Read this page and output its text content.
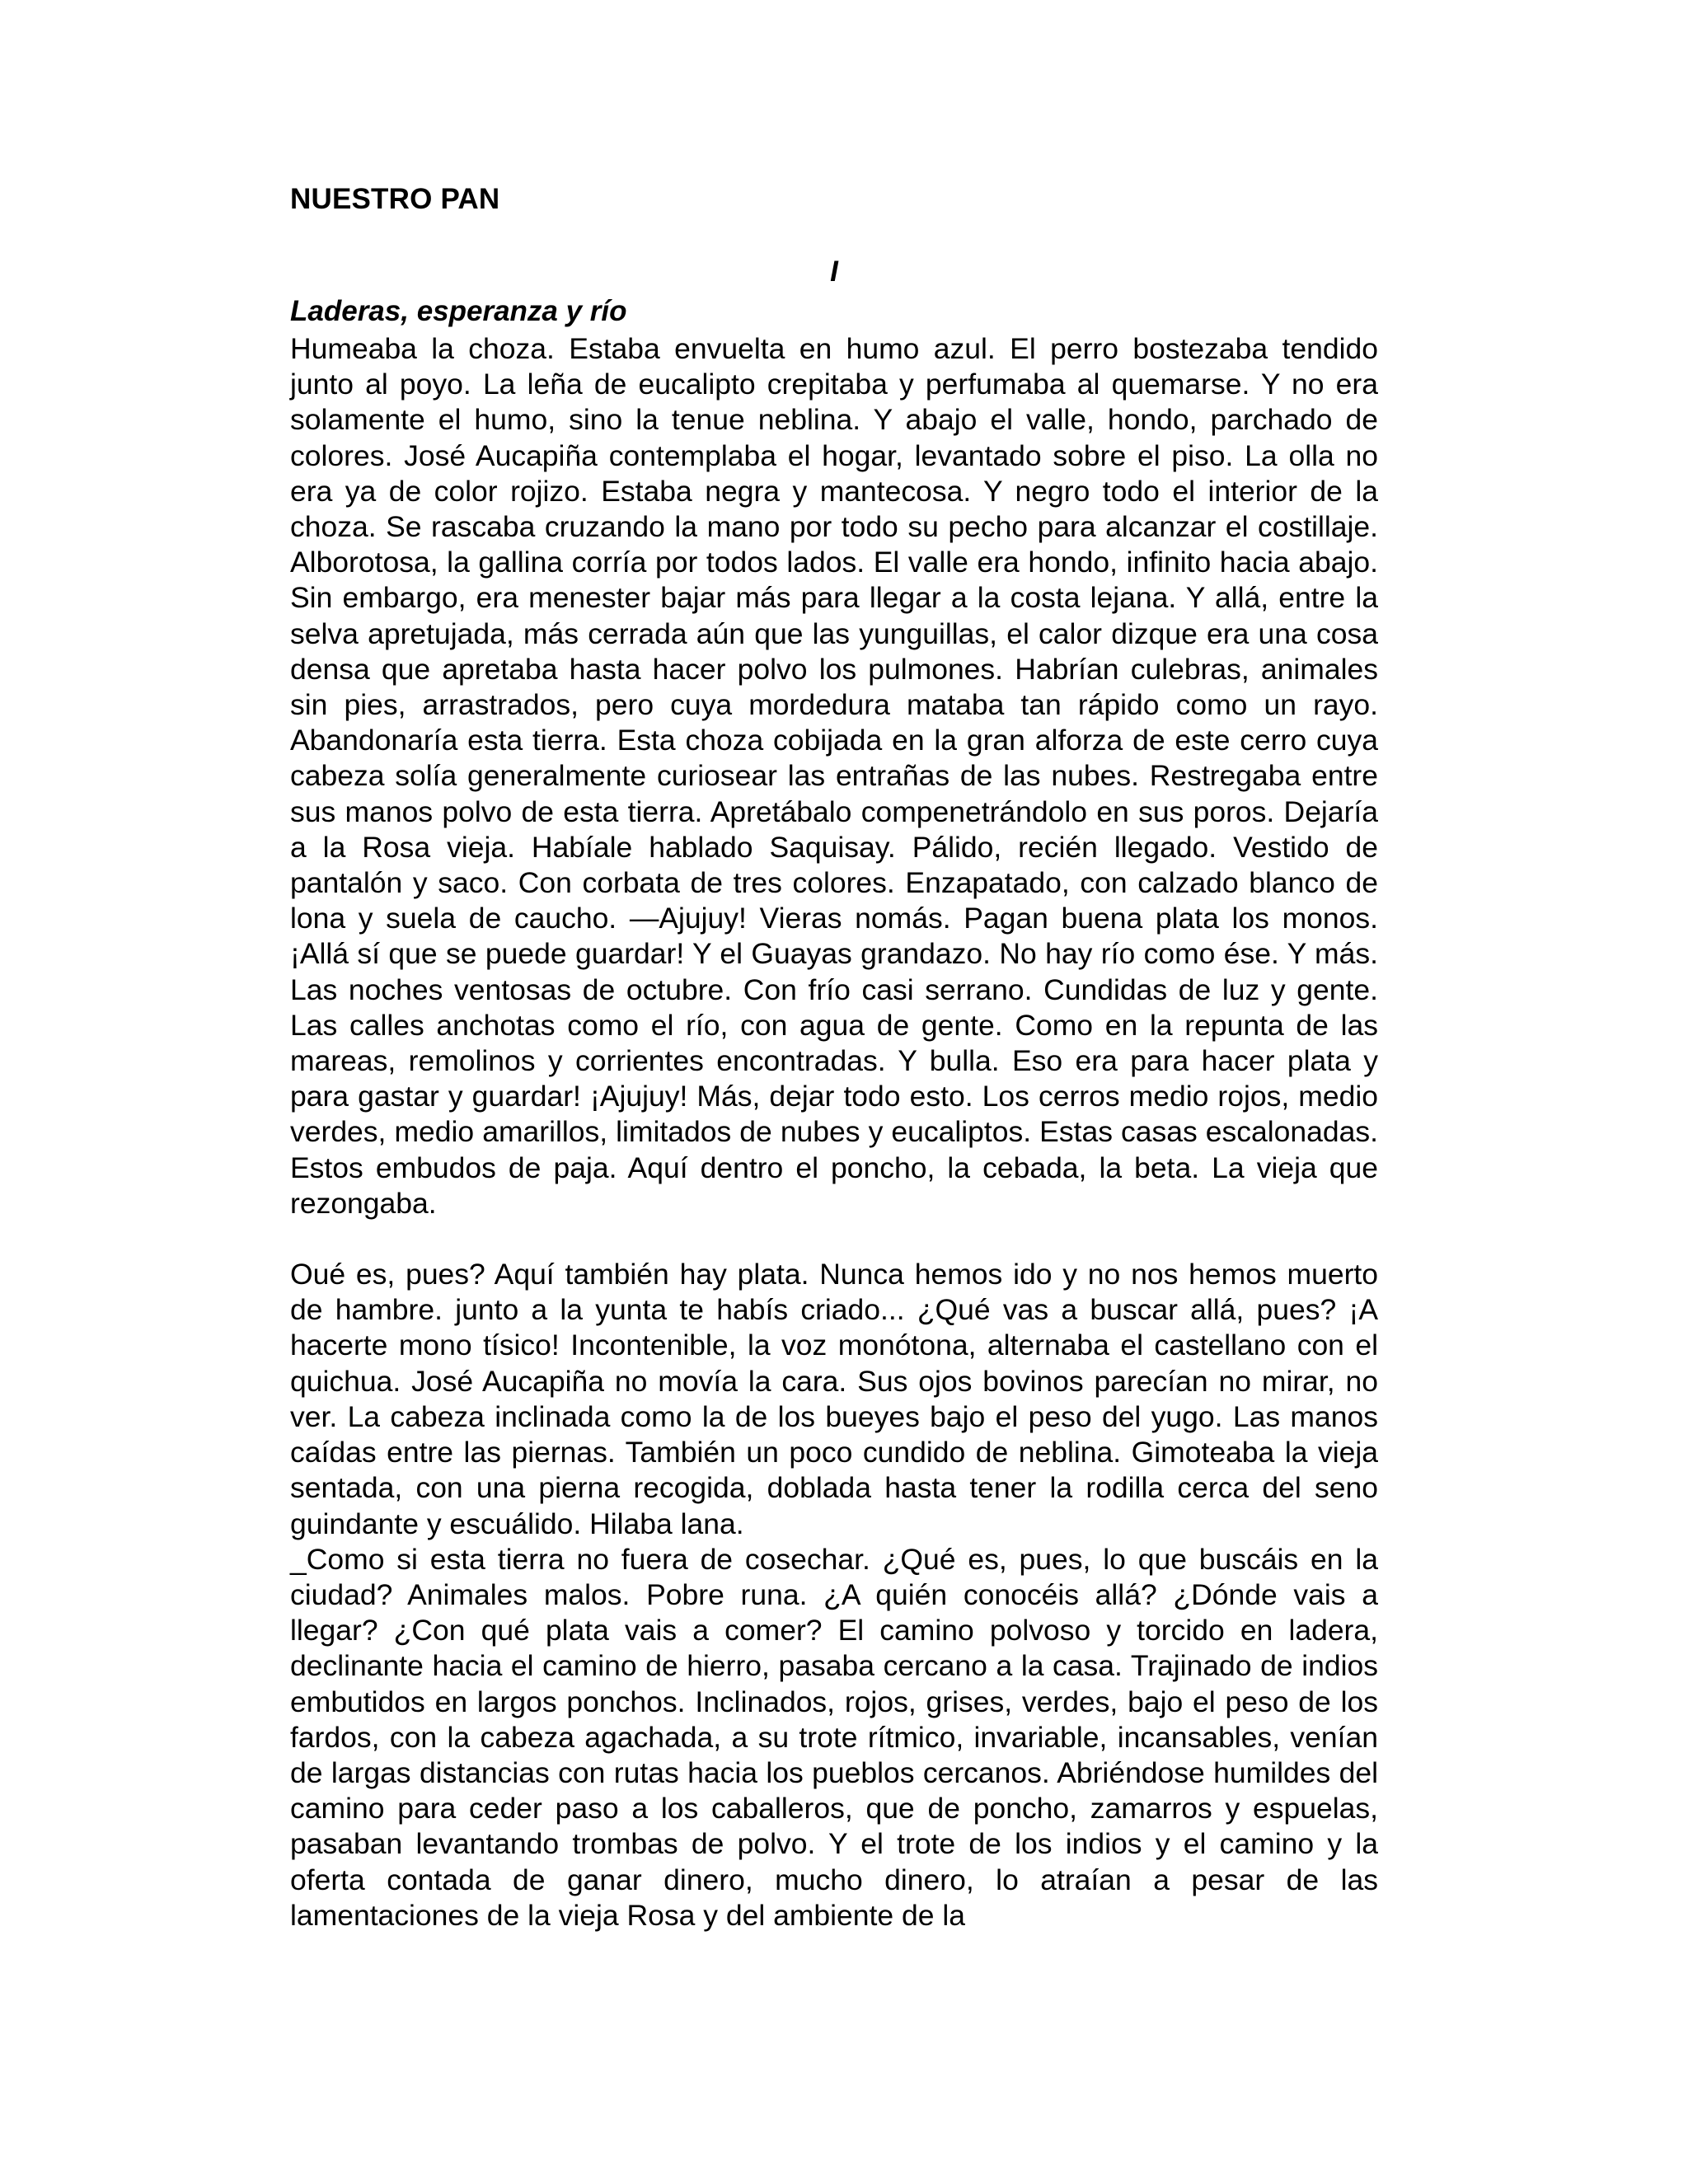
NUESTRO PAN
I
Laderas, esperanza y río

Humeaba la choza. Estaba envuelta en humo azul. El perro bostezaba tendido junto al poyo. La leña de eucalipto crepitaba y perfumaba al quemarse. Y no era solamente el humo, sino la tenue neblina. Y abajo el valle, hondo, parchado de colores. José Aucapiña contemplaba el hogar, levantado sobre el piso. La olla no era ya de color rojizo. Estaba negra y mantecosa. Y negro todo el interior de la choza. Se rascaba cruzando la mano por todo su pecho para alcanzar el costillaje. Alborotosa, la gallina corría por todos lados. El valle era hondo, infinito hacia abajo. Sin embargo, era menester bajar más para llegar a la costa lejana. Y allá, entre la selva apretujada, más cerrada aún que las yunguillas, el calor dizque era una cosa densa que apretaba hasta hacer polvo los pulmones. Habrían culebras, animales sin pies, arrastrados, pero cuya mordedura mataba tan rápido como un rayo. Abandonaría esta tierra. Esta choza cobijada en la gran alforza de este cerro cuya cabeza solía generalmente curiosear las entrañas de las nubes. Restregaba entre sus manos polvo de esta tierra. Apretábalo compenetrándolo en sus poros. Dejaría a la Rosa vieja. Habíale hablado Saquisay. Pálido, recién llegado. Vestido de pantalón y saco. Con corbata de tres colores. Enzapatado, con calzado blanco de lona y suela de caucho. —Ajujuy! Vieras nomás. Pagan buena plata los monos. ¡Allá sí que se puede guardar! Y el Guayas grandazo. No hay río como ése. Y más. Las noches ventosas de octubre. Con frío casi serrano. Cundidas de luz y gente. Las calles anchotas como el río, con agua de gente. Como en la repunta de las mareas, remolinos y corrientes encontradas. Y bulla. Eso era para hacer plata y para gastar y guardar! ¡Ajujuy! Más, dejar todo esto. Los cerros medio rojos, medio verdes, medio amarillos, limitados de nubes y eucaliptos. Estas casas escalonadas. Estos embudos de paja. Aquí dentro el poncho, la cebada, la beta. La vieja que rezongaba.

Oué es, pues? Aquí también hay plata. Nunca hemos ido y no nos hemos muerto de hambre. junto a la yunta te habís criado... ¿Qué vas a buscar allá, pues? ¡A hacerte mono tísico! Incontenible, la voz monótona, alternaba el castellano con el quichua. José Aucapiña no movía la cara. Sus ojos bovinos parecían no mirar, no ver. La cabeza inclinada como la de los bueyes bajo el peso del yugo. Las manos caídas entre las piernas. También un poco cundido de neblina. Gimoteaba la vieja sentada, con una pierna recogida, doblada hasta tener la rodilla cerca del seno guindante y escuálido. Hilaba lana.

_Como si esta tierra no fuera de cosechar. ¿Qué es, pues, lo que buscáis en la ciudad? Animales malos. Pobre runa. ¿A quién conocéis allá? ¿Dónde vais a llegar? ¿Con qué plata vais a comer? El camino polvoso y torcido en ladera, declinante hacia el camino de hierro, pasaba cercano a la casa. Trajinado de indios embutidos en largos ponchos. Inclinados, rojos, grises, verdes, bajo el peso de los fardos, con la cabeza agachada, a su trote rítmico, invariable, incansables, venían de largas distancias con rutas hacia los pueblos cercanos. Abriéndose humildes del camino para ceder paso a los caballeros, que de poncho, zamarros y espuelas, pasaban levantando trombas de polvo. Y el trote de los indios y el camino y la oferta contada de ganar dinero, mucho dinero, lo atraían a pesar de las lamentaciones de la vieja Rosa y del ambiente de la
